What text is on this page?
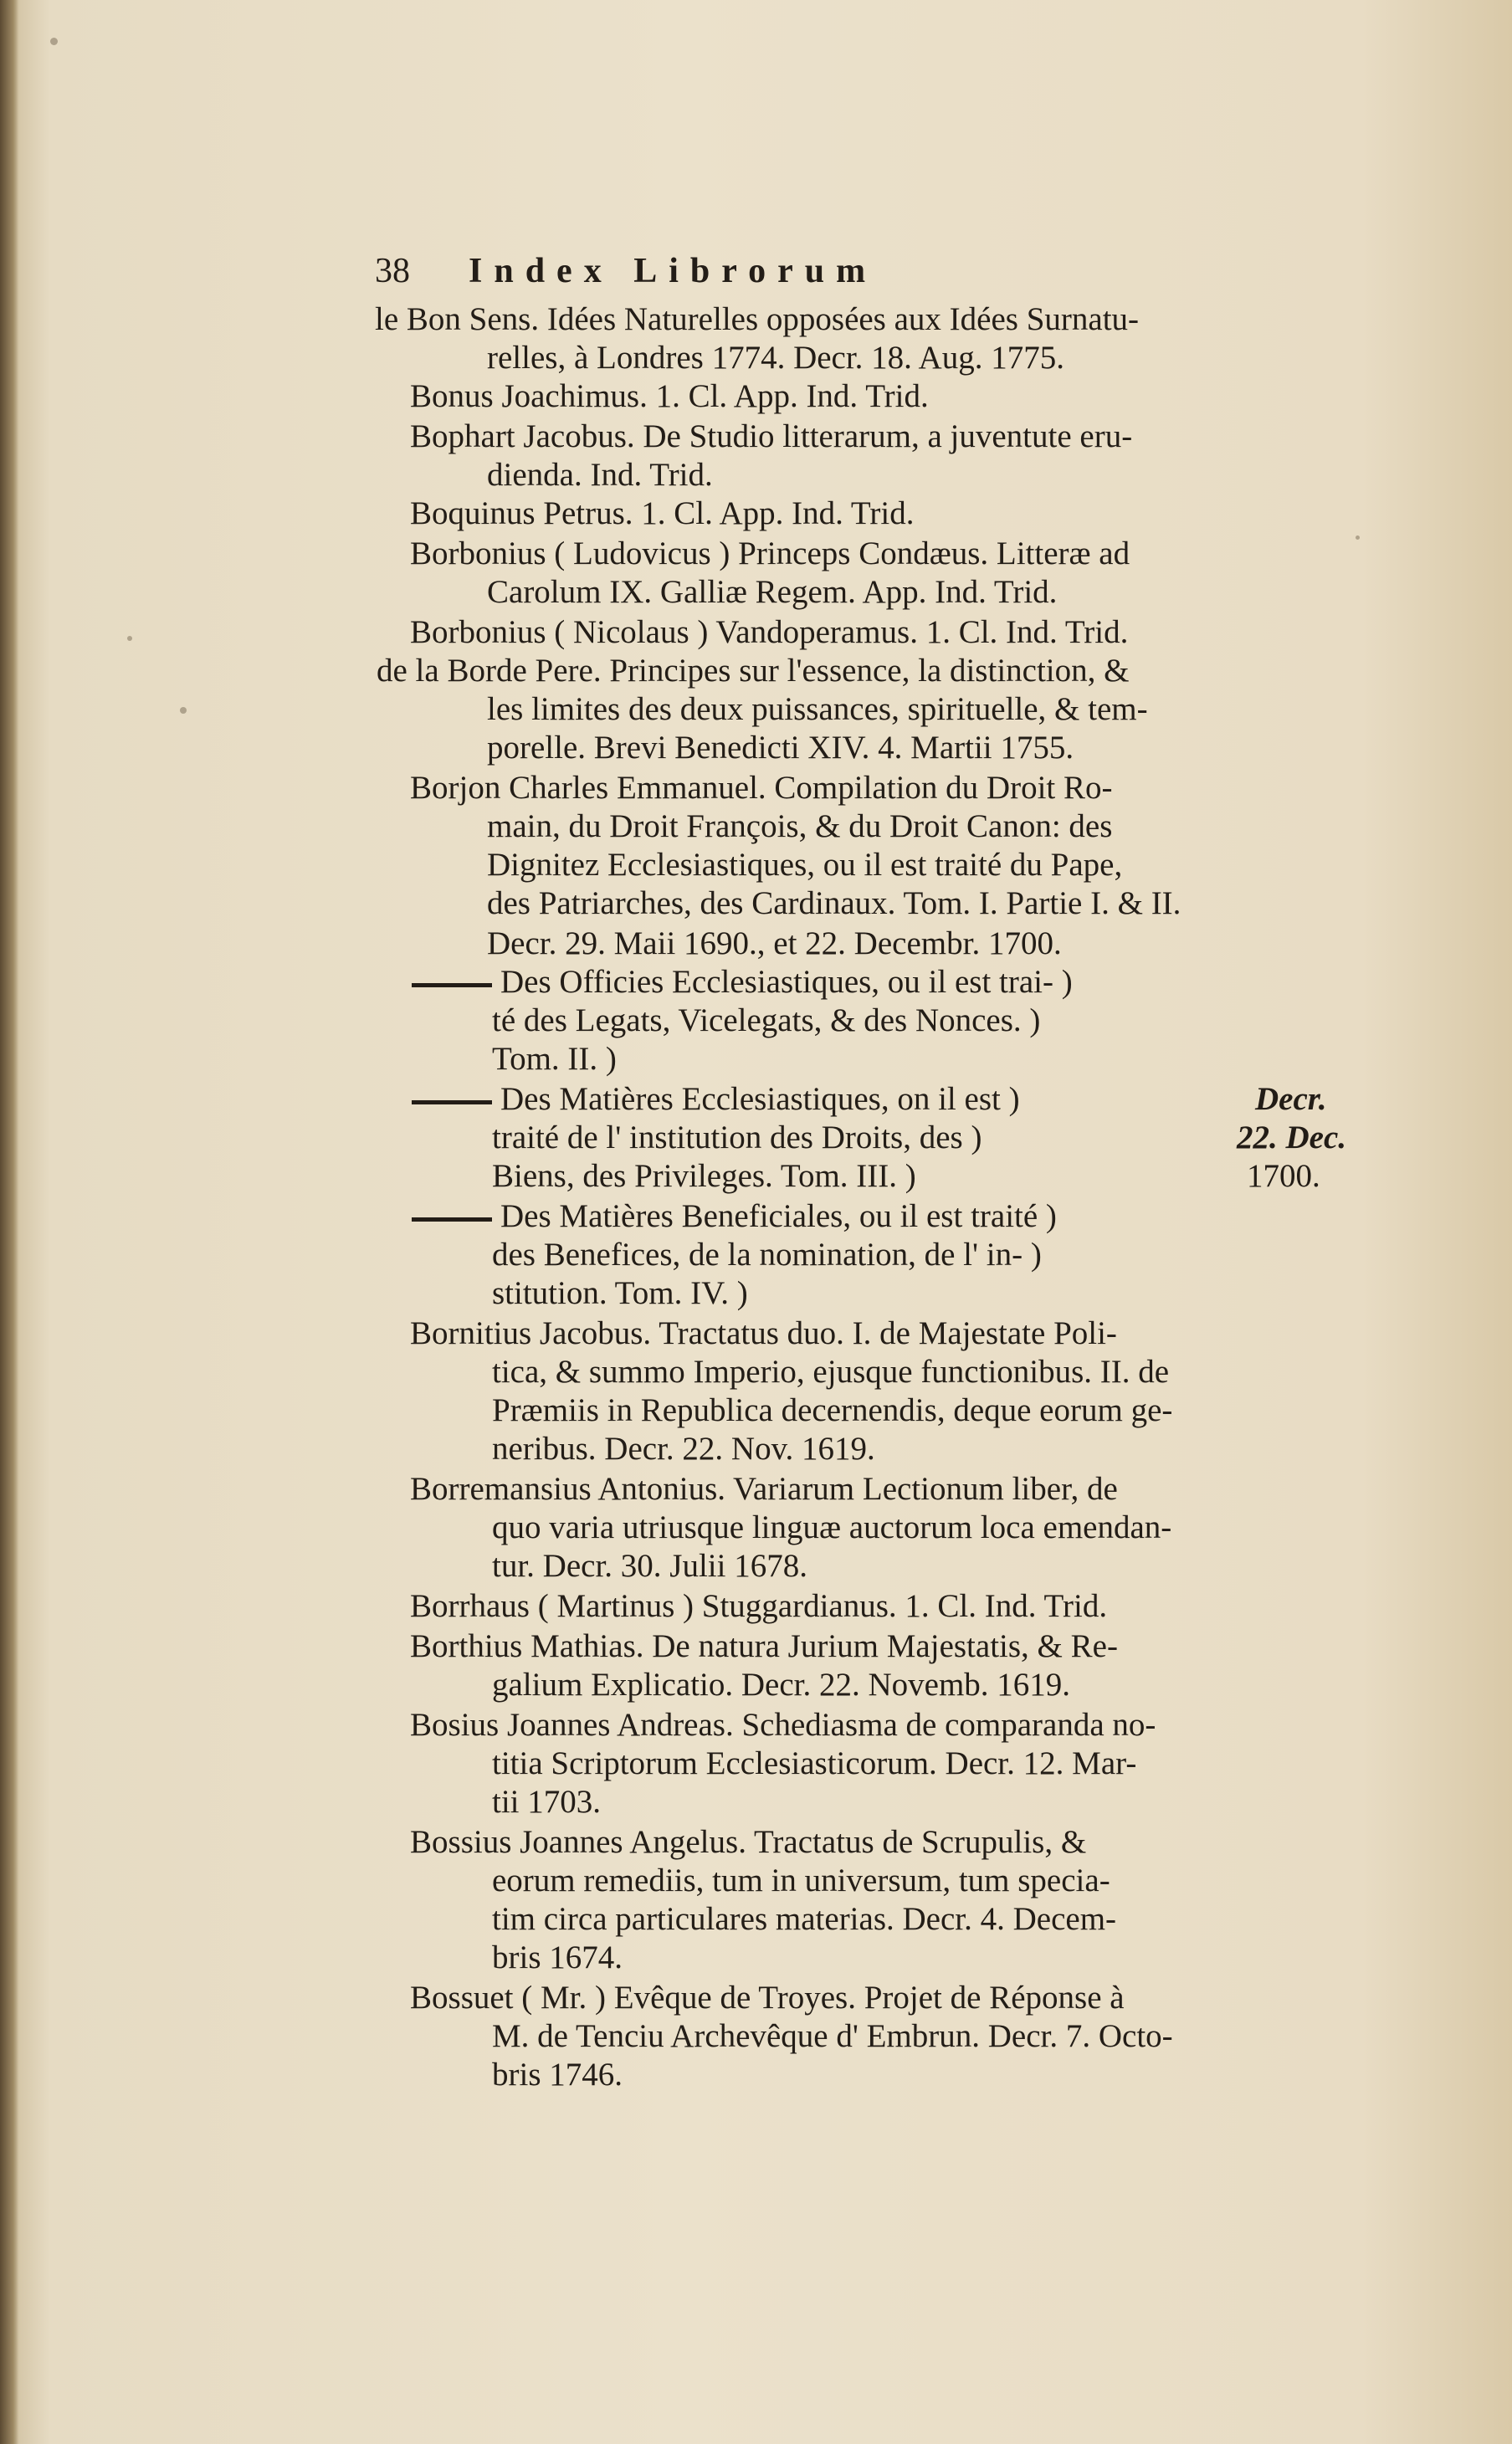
38 Index Librorum
le Bon Sens. Idées Naturelles opposées aux Idées Surnatu-
relles, à Londres 1774. Decr. 18. Aug. 1775.
Bonus Joachimus. 1. Cl. App. Ind. Trid.
Bophart Jacobus. De Studio litterarum, a juventute eru-
dienda. Ind. Trid.
Boquinus Petrus. 1. Cl. App. Ind. Trid.
Borbonius ( Ludovicus ) Princeps Condæus. Litteræ ad
Carolum IX. Galliæ Regem. App. Ind. Trid.
Borbonius ( Nicolaus ) Vandoperamus. 1. Cl. Ind. Trid.
de la Borde Pere. Principes sur l'essence, la distinction, &
les limites des deux puissances, spirituelle, & tem-
porelle. Brevi Benedicti XIV. 4. Martii 1755.
Borjon Charles Emmanuel. Compilation du Droit Ro-
main, du Droit François, & du Droit Canon: des
Dignitez Ecclesiastiques, ou il est traité du Pape,
des Patriarches, des Cardinaux. Tom. I. Partie I. & II.
Decr. 29. Maii 1690., et 22. Decembr. 1700.
Des Officies Ecclesiastiques, ou il est trai- )
té des Legats, Vicelegats, & des Nonces. )
Tom. II. )
Des Matières Ecclesiastiques, on il est )
traité de l' institution des Droits, des )
Biens, des Privileges. Tom. III. )
Des Matières Beneficiales, ou il est traité )
des Benefices, de la nomination, de l' in- )
stitution. Tom. IV. )
Decr.
22. Dec.
1700.
Bornitius Jacobus. Tractatus duo. I. de Majestate Poli-
tica, & summo Imperio, ejusque functionibus. II. de
Præmiis in Republica decernendis, deque eorum ge-
neribus. Decr. 22. Nov. 1619.
Borremansius Antonius. Variarum Lectionum liber, de
quo varia utriusque linguæ auctorum loca emendan-
tur. Decr. 30. Julii 1678.
Borrhaus ( Martinus ) Stuggardianus. 1. Cl. Ind. Trid.
Borthius Mathias. De natura Jurium Majestatis, & Re-
galium Explicatio. Decr. 22. Novemb. 1619.
Bosius Joannes Andreas. Schediasma de comparanda no-
titia Scriptorum Ecclesiasticorum. Decr. 12. Mar-
tii 1703.
Bossius Joannes Angelus. Tractatus de Scrupulis, &
eorum remediis, tum in universum, tum specia-
tim circa particulares materias. Decr. 4. Decem-
bris 1674.
Bossuet ( Mr. ) Evêque de Troyes. Projet de Réponse à
M. de Tenciu Archevêque d' Embrun. Decr. 7. Octo-
bris 1746.
